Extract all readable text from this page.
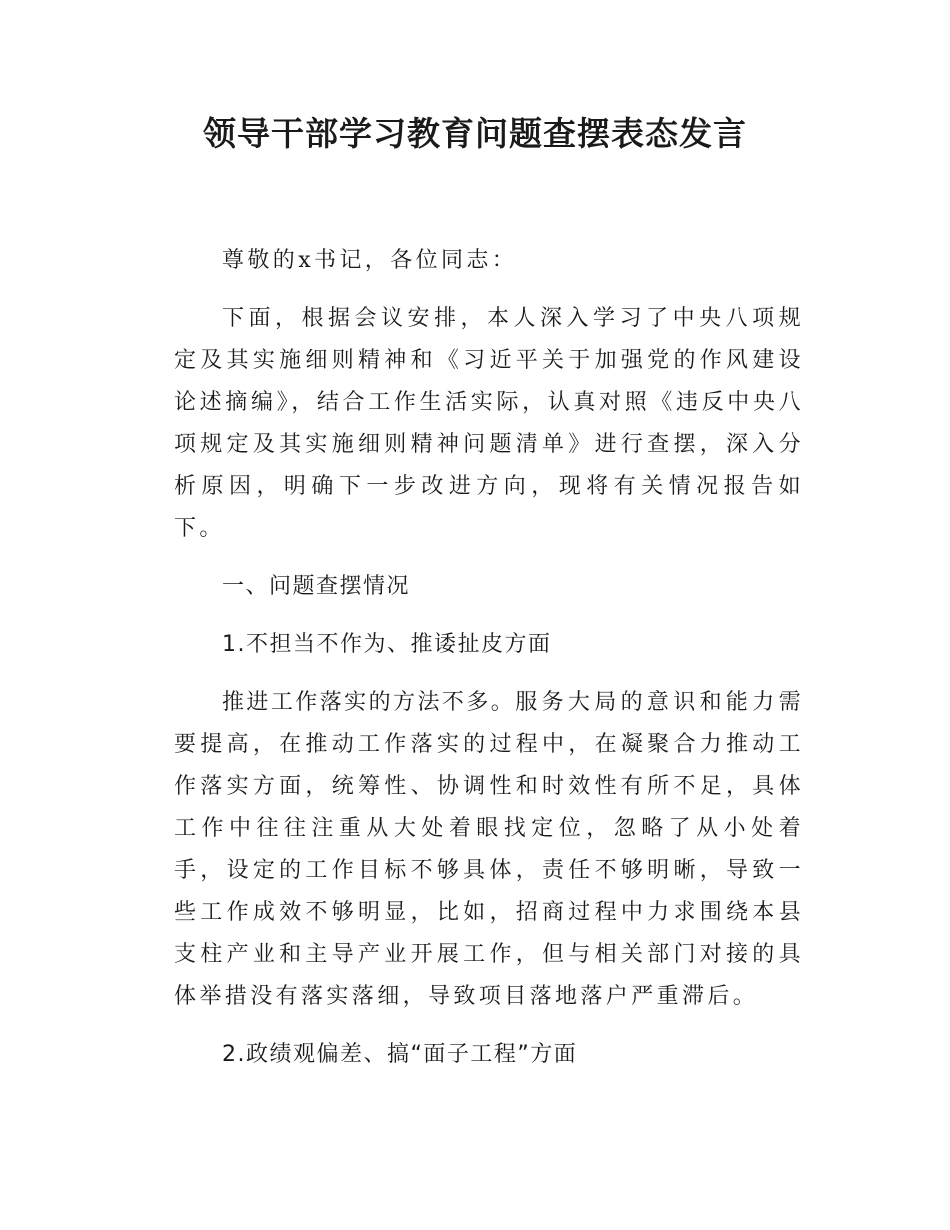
领导干部学习教育问题查摆表态发言

尊敬的x书记，各位同志：

下面，根据会议安排，本人深入学习了中央八项规定及其实施细则精神和《习近平关于加强党的作风建设论述摘编》，结合工作生活实际，认真对照《违反中央八项规定及其实施细则精神问题清单》进行查摆，深入分析原因，明确下一步改进方向，现将有关情况报告如下。

一、问题查摆情况

1.不担当不作为、推诿扯皮方面

推进工作落实的方法不多。服务大局的意识和能力需要提高，在推动工作落实的过程中，在凝聚合力推动工作落实方面，统筹性、协调性和时效性有所不足，具体工作中往往注重从大处着眼找定位，忽略了从小处着手，设定的工作目标不够具体，责任不够明晰，导致一些工作成效不够明显，比如，招商过程中力求围绕本县支柱产业和主导产业开展工作，但与相关部门对接的具体举措没有落实落细，导致项目落地落户严重滞后。

2.政绩观偏差、搞“面子工程”方面
